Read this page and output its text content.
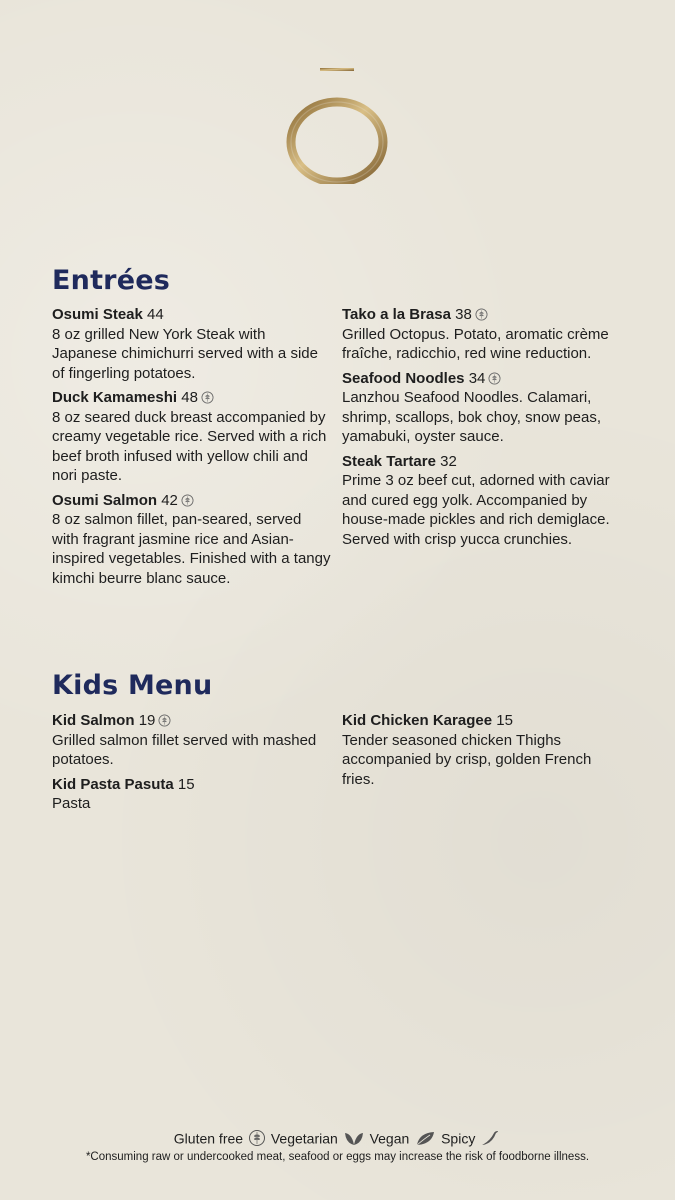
Entrées
Osumi Steak 44
8 oz grilled New York Steak with Japanese chimichurri served with a side of fingerling potatoes.
Duck Kamameshi 48
8 oz seared duck breast accompanied by creamy vegetable rice. Served with a rich beef broth infused with yellow chili and nori paste.
Osumi Salmon 42
8 oz salmon fillet, pan-seared, served with fragrant jasmine rice and Asian-inspired vegetables. Finished with a tangy kimchi beurre blanc sauce.
Tako a la Brasa 38
Grilled Octopus. Potato, aromatic crème fraîche, radicchio, red wine reduction.
Seafood Noodles 34
Lanzhou Seafood Noodles. Calamari, shrimp, scallops, bok choy, snow peas, yamabuki, oyster sauce.
Steak Tartare 32
Prime 3 oz beef cut, adorned with caviar and cured egg yolk. Accompanied by house-made pickles and rich demiglace. Served with crisp yucca crunchies.
Kids Menu
Kid Salmon 19
Grilled salmon fillet served with mashed potatoes.
Kid Pasta Pasuta 15
Pasta
Kid Chicken Karagee 15
Tender seasoned chicken Thighs accompanied by crisp, golden French fries.
Gluten free Vegetarian Vegan Spicy
*Consuming raw or undercooked meat, seafood or eggs may increase the risk of foodborne illness.
